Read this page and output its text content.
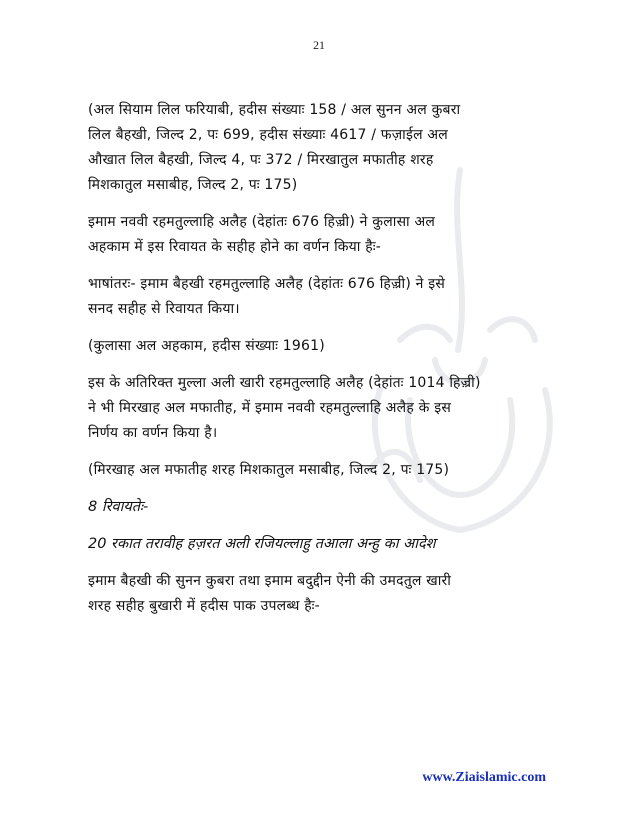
21
(अल सियाम लिल फरियाबी, हदीस संख्याः 158 / अल सुनन अल कुबरा
लिल बैहखी, जिल्द 2, पः 699, हदीस संख्याः 4617 / फज़ाईल अल
औखात लिल बैहखी, जिल्द 4, पः 372 / मिरखातुल मफातीह शरह
मिशकातुल मसाबीह, जिल्द 2, पः 175)
इमाम नववी रहमतुल्लाहि अलैह (देहांतः 676 हिज़्री) ने कुलासा अल
अहकाम में इस रिवायत के सहीह होने का वर्णन किया हैः-
भाषांतरः- इमाम बैहखी रहमतुल्लाहि अलैह (देहांतः 676 हिज़्री) ने इसे
सनद सहीह से रिवायत किया।
(कुलासा अल अहकाम, हदीस संख्याः 1961)
इस के अतिरिक्त मुल्ला अली खारी रहमतुल्लाहि अलैह (देहांतः 1014 हिज़्री)
ने भी मिरखाह अल मफातीह, में इमाम नववी रहमतुल्लाहि अलैह के इस
निर्णय का वर्णन किया है।
(मिरखाह अल मफातीह शरह मिशकातुल मसाबीह, जिल्द 2, पः 175)
8 रिवायतेः-
20 रकात तरावीह हज़रत अली रजियल्लाहु तआला अन्हु का आदेश
इमाम बैहखी की सुनन कुबरा तथा इमाम बदुद्दीन ऐनी की उमदतुल खारी
शरह सहीह बुखारी में हदीस पाक उपलब्ध हैः-
www.Ziaislamic.com
